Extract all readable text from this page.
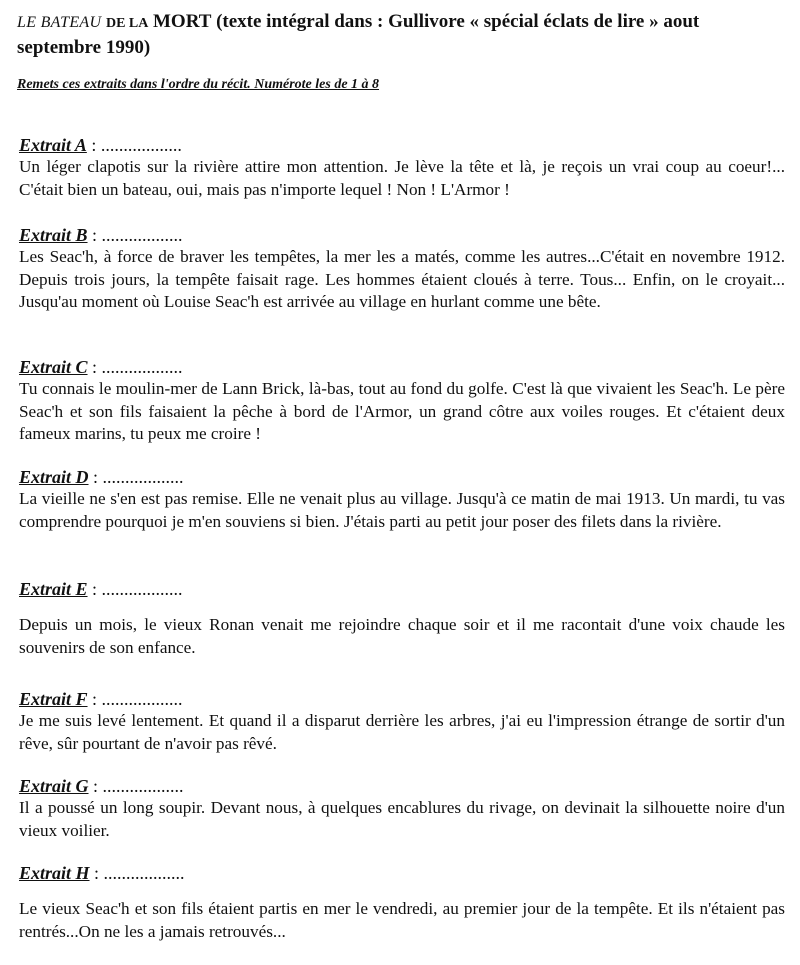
LE BATEAU DE LA MORT (texte intégral dans : Gullivore « spécial éclats de lire » aout septembre 1990)
Remets ces extraits dans l'ordre du récit. Numérote les de 1 à 8
Extrait A : ..................
Un léger clapotis sur la rivière attire mon attention. Je lève la tête et là, je reçois un vrai coup au coeur!... C'était bien un bateau, oui, mais pas n'importe lequel ! Non ! L'Armor !
Extrait B : ..................
Les Seac'h, à force de braver les tempêtes, la mer les a matés, comme les autres...C'était en novembre 1912. Depuis trois jours, la tempête faisait rage. Les hommes étaient cloués à terre. Tous... Enfin, on le croyait... Jusqu'au moment où Louise Seac'h est arrivée au village en hurlant comme une bête.
Extrait C : ..................
Tu connais le moulin-mer de Lann Brick, là-bas, tout au fond du golfe. C'est là que vivaient les Seac'h. Le père Seac'h et son fils faisaient la pêche à bord de l'Armor, un grand côtre aux voiles rouges. Et c'étaient deux fameux marins, tu peux me croire !
Extrait D : ..................
La vieille ne s'en est pas remise. Elle ne venait plus au village. Jusqu'à ce matin de mai 1913. Un mardi, tu vas comprendre pourquoi je m'en souviens si bien. J'étais parti au petit jour poser des filets dans la rivière.
Extrait E : ..................
Depuis un mois, le vieux Ronan venait me rejoindre chaque soir et il me racontait d'une voix chaude les souvenirs de son enfance.
Extrait F : ..................
Je me suis levé lentement. Et quand il a disparut derrière les arbres, j'ai eu l'impression étrange de sortir d'un rêve, sûr pourtant de n'avoir pas rêvé.
Extrait G : ..................
Il a poussé un long soupir. Devant nous, à quelques encablures du rivage, on devinait la silhouette noire d'un vieux voilier.
Extrait H : ..................
Le vieux Seac'h et son fils étaient partis en mer le vendredi, au premier jour de la tempête. Et ils n'étaient pas rentrés...On ne les a jamais retrouvés...
